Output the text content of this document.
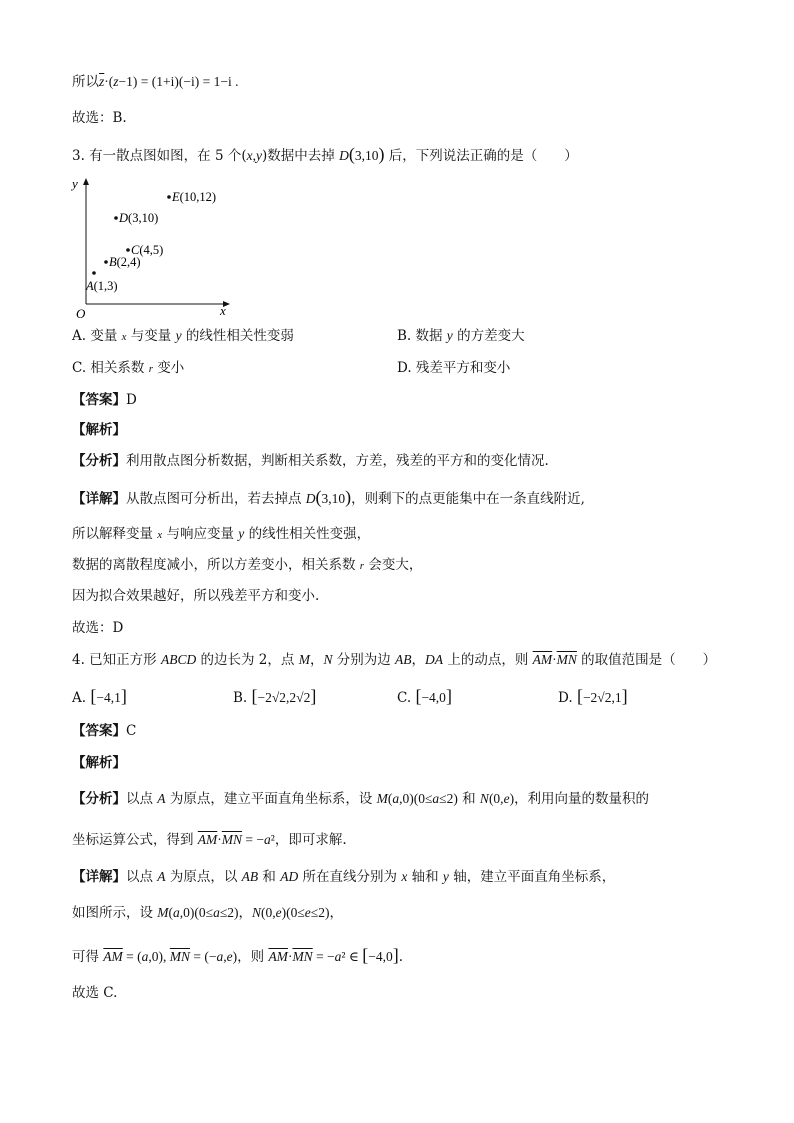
所以$\overline{z}\cdot(z-1) = (1+i)(-i) = 1-i$ .
故选：B.
3. 有一散点图如图，在 5 个(x,y)数据中去掉 D(3,10) 后，下列说法正确的是（　　）
x
y
O
A(1,3)
B(2,4)
C(4,5)
D(3,10)
E(10,12)
A. 变量 x 与变量 y 的线性相关性变弱	B. 数据 y 的方差变大
C. 相关系数 r 变小	D. 残差平方和变小
【答案】D
【解析】
【分析】利用散点图分析数据，判断相关系数，方差，残差的平方和的变化情况.
【详解】从散点图可分析出，若去掉点 D(3,10)，则剩下的点更能集中在一条直线附近,
所以解释变量 x 与响应变量 y 的线性相关性变强，
数据的离散程度减小，所以方差变小，相关系数 r 会变大，
因为拟合效果越好，所以残差平方和变小.
故选：D
4. 已知正方形 ABCD 的边长为 2，点 M，N 分别为边 AB，DA 上的动点，则 $\overline{AM}\cdot\overline{MN}$ 的取值范围是（　　）
A. [−4,1]	B. [−2√2,2√2]	C. [−4,0]	D. [−2√2,1]
【答案】C
【解析】
【分析】以点 A 为原点，建立平面直角坐标系，设 M(a,0)(0≤a≤2) 和 N(0,e)，利用向量的数量积的
坐标运算公式，得到 $\overline{AM}\cdot\overline{MN} = -a^2$，即可求解.
【详解】以点 A 为原点，以 AB 和 AD 所在直线分别为 x 轴和 y 轴，建立平面直角坐标系，
如图所示，设 M(a,0)(0≤a≤2)，N(0,e)(0≤e≤2)，
可得 $\overline{AM} = (a,0)$, $\overline{MN} = (-a,e)$，则 $\overline{AM}\cdot\overline{MN} = -a^2$ ∈ [−4,0].
故选 C.
